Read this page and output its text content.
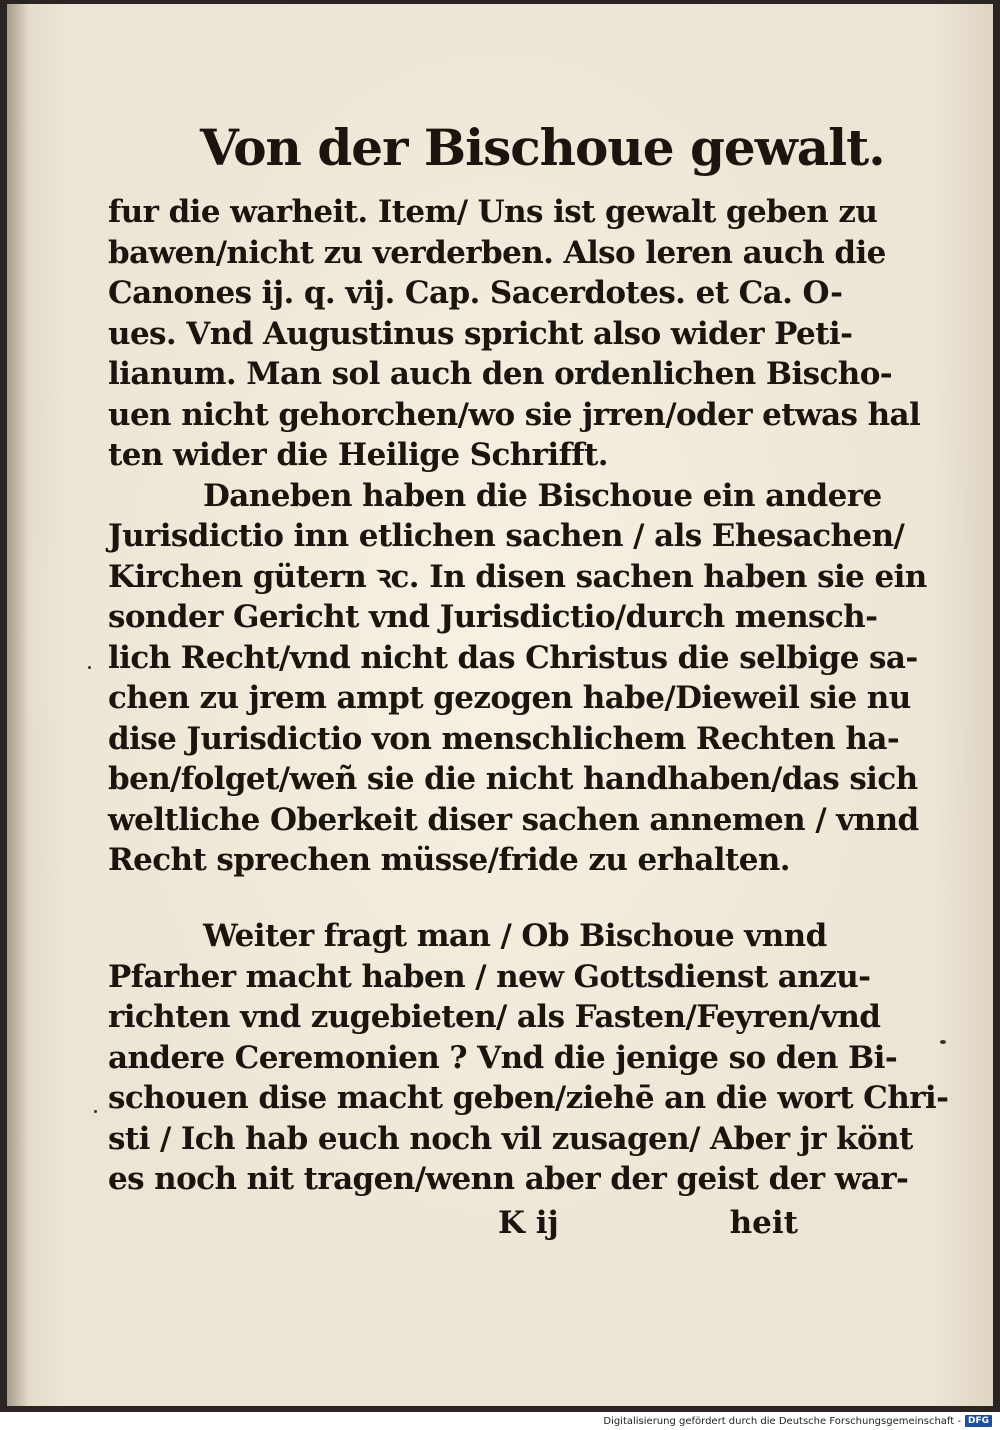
Von der Bischoue gewalt.
fur die warheit. Item/ Uns ist gewalt geben zu
bawen/nicht zu verderben. Also leren auch die
Canones ij. q. vij. Cap. Sacerdotes. et Ca. O-
ues. Vnd Augustinus spricht also wider Peti-
lianum. Man sol auch den ordenlichen Bischo-
uen nicht gehorchen/wo sie jrren/oder etwas hal
ten wider die Heilige Schrifft.
Daneben haben die Bischoue ein andere
Jurisdictio inn etlichen sachen / als Ehesachen/
Kirchen gütern ꝛc. In disen sachen haben sie ein
sonder Gericht vnd Jurisdictio/durch mensch-
lich Recht/vnd nicht das Christus die selbige sa-
chen zu jrem ampt gezogen habe/Dieweil sie nu
dise Jurisdictio von menschlichem Rechten ha-
ben/folget/weñ sie die nicht handhaben/das sich
weltliche Oberkeit diser sachen annemen / vnnd
Recht sprechen müsse/fride zu erhalten.
Weiter fragt man / Ob Bischoue vnnd
Pfarher macht haben / new Gottsdienst anzu-
richten vnd zugebieten/ als Fasten/Feyren/vnd
andere Ceremonien ? Vnd die jenige so den Bi-
schouen dise macht geben/ziehē an die wort Chri-
sti / Ich hab euch noch vil zusagen/ Aber jr könt
es noch nit tragen/wenn aber der geist der war-
K ij	heit
Digitalisierung gefördert durch die Deutsche Forschungsgemeinschaft - DFG
